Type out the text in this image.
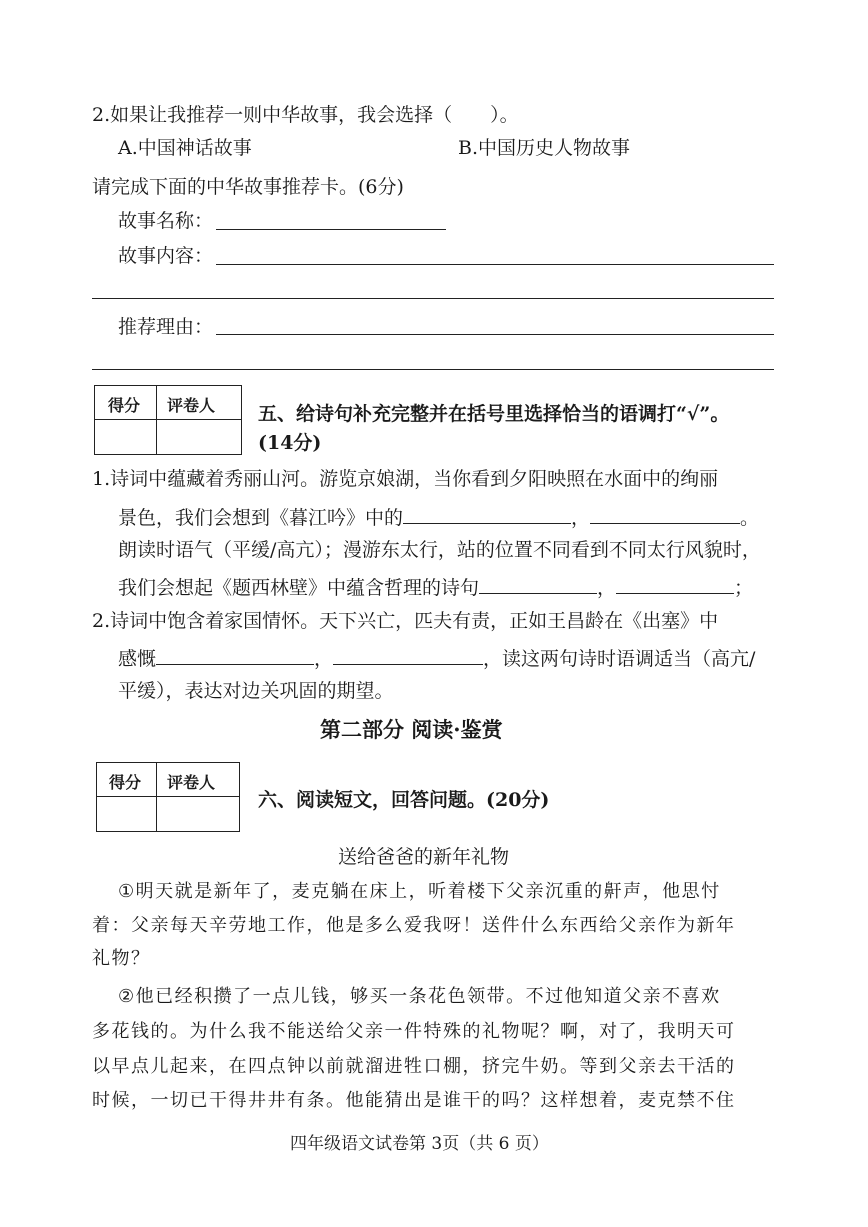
2.如果让我推荐一则中华故事，我会选择（　　）。
A.中国神话故事	B.中国历史人物故事
请完成下面的中华故事推荐卡。(6分)
故事名称：
故事内容：
推荐理由：
得分 评卷人 五、给诗句补充完整并在括号里选择恰当的语调打“√”。
(14分)
1.诗词中蕴藏着秀丽山河。游览京娘湖，当你看到夕阳映照在水面中的绚丽
景色，我们会想到《暮江吟》中的	，	。
朗读时语气（平缓/高亢）；漫游东太行，站的位置不同看到不同太行风貌时，
我们会想起《题西林壁》中蕴含哲理的诗句	，	；
2.诗词中饱含着家国情怀。天下兴亡，匹夫有责，正如王昌龄在《出塞》中
感慨	，	，读这两句诗时语调适当（高亢/
平缓），表达对边关巩固的期望。
第二部分 阅读·鉴赏
得分 评卷人
六、阅读短文，回答问题。(20分)
送给爸爸的新年礼物
①明天就是新年了，麦克躺在床上，听着楼下父亲沉重的鼾声，他思忖
着：父亲每天辛劳地工作，他是多么爱我呀！送件什么东西给父亲作为新年
礼物？
②他已经积攒了一点儿钱，够买一条花色领带。不过他知道父亲不喜欢
多花钱的。为什么我不能送给父亲一件特殊的礼物呢？啊，对了，我明天可
以早点儿起来，在四点钟以前就溜进牲口棚，挤完牛奶。等到父亲去干活的
时候，一切已干得井井有条。他能猜出是谁干的吗？这样想着，麦克禁不住
四年级语文试卷第 3页（共 6 页）
